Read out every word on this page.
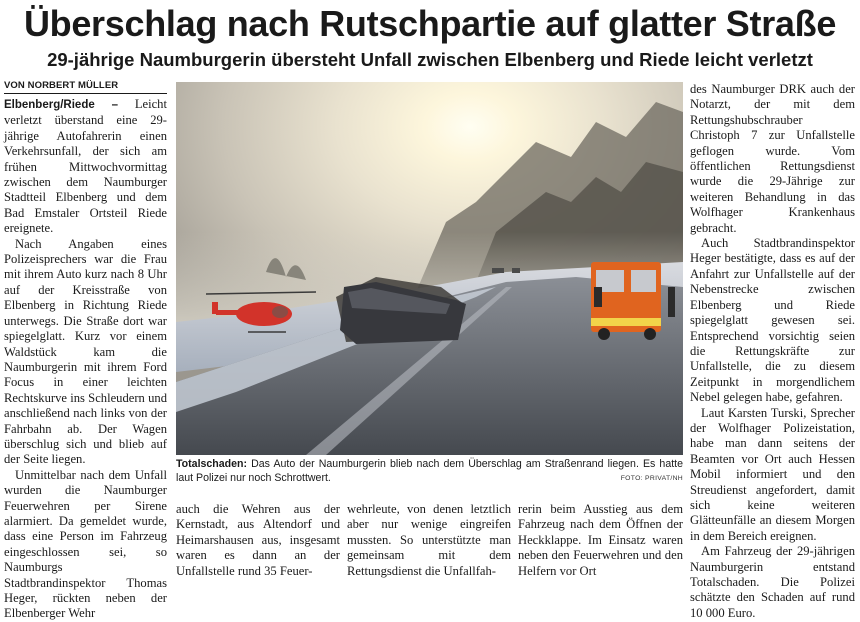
Überschlag nach Rutschpartie auf glatter Straße
29-jährige Naumburgerin übersteht Unfall zwischen Elbenberg und Riede leicht verletzt
VON NORBERT MÜLLER

Elbenberg/Riede – Leicht verletzt überstand eine 29-jährige Autofahrerin einen Verkehrsunfall, der sich am frühen Mittwochvormittag zwischen dem Naumburger Stadtteil Elbenberg und dem Bad Emstaler Ortsteil Riede ereignete.

Nach Angaben eines Polizeisprechers war die Frau mit ihrem Auto kurz nach 8 Uhr auf der Kreisstraße von Elbenberg in Richtung Riede unterwegs. Die Straße dort war spiegelglatt. Kurz vor einem Waldstück kam die Naumburgerin mit ihrem Ford Focus in einer leichten Rechtskurve ins Schleudern und anschließend nach links von der Fahrbahn ab. Der Wagen überschlug sich und blieb auf der Seite liegen.

Unmittelbar nach dem Unfall wurden die Naumburger Feuerwehren per Sirene alarmiert. Da gemeldet wurde, dass eine Person im Fahrzeug eingeschlossen sei, so Naumburgs Stadtbrandinspektor Thomas Heger, rückten neben der Elbenberger Wehr

Totalschaden: Das Auto der Naumburgerin blieb nach dem Überschlag am Straßenrand liegen. Es hatte laut Polizei nur noch Schrottwert.	FOTO: PRIVAT/NH

auch die Wehren aus der Kernstadt, aus Altendorf und Heimarshausen aus, insgesamt waren es dann an der Unfallstelle rund 35 Feuer-

wehrleute, von denen letztlich aber nur wenige eingreifen mussten. So unterstützte man gemeinsam mit dem Rettungsdienst die Unfallfah-

rerin beim Ausstieg aus dem Fahrzeug nach dem Öffnen der Heckklappe. Im Einsatz waren neben den Feuerwehren und den Helfern vor Ort

des Naumburger DRK auch der Notarzt, der mit dem Rettungshubschrauber Christoph 7 zur Unfallstelle geflogen wurde. Vom öffentlichen Rettungsdienst wurde die 29-Jährige zur weiteren Behandlung in das Wolfhager Krankenhaus gebracht.

Auch Stadtbrandinspektor Heger bestätigte, dass es auf der Anfahrt zur Unfallstelle auf der Nebenstrecke zwischen Elbenberg und Riede spiegelglatt gewesen sei. Entsprechend vorsichtig seien die Rettungskräfte zur Unfallstelle, die zu diesem Zeitpunkt in morgendlichem Nebel gelegen habe, gefahren.

Laut Karsten Turski, Sprecher der Wolfhager Polizeistation, habe man dann seitens der Beamten vor Ort auch Hessen Mobil informiert und den Streudienst angefordert, damit sich keine weiteren Glätteunfälle an diesem Morgen in dem Bereich ereignen.

Am Fahrzeug der 29-jährigen Naumburgerin entstand Totalschaden. Die Polizei schätzte den Schaden auf rund 10 000 Euro.
